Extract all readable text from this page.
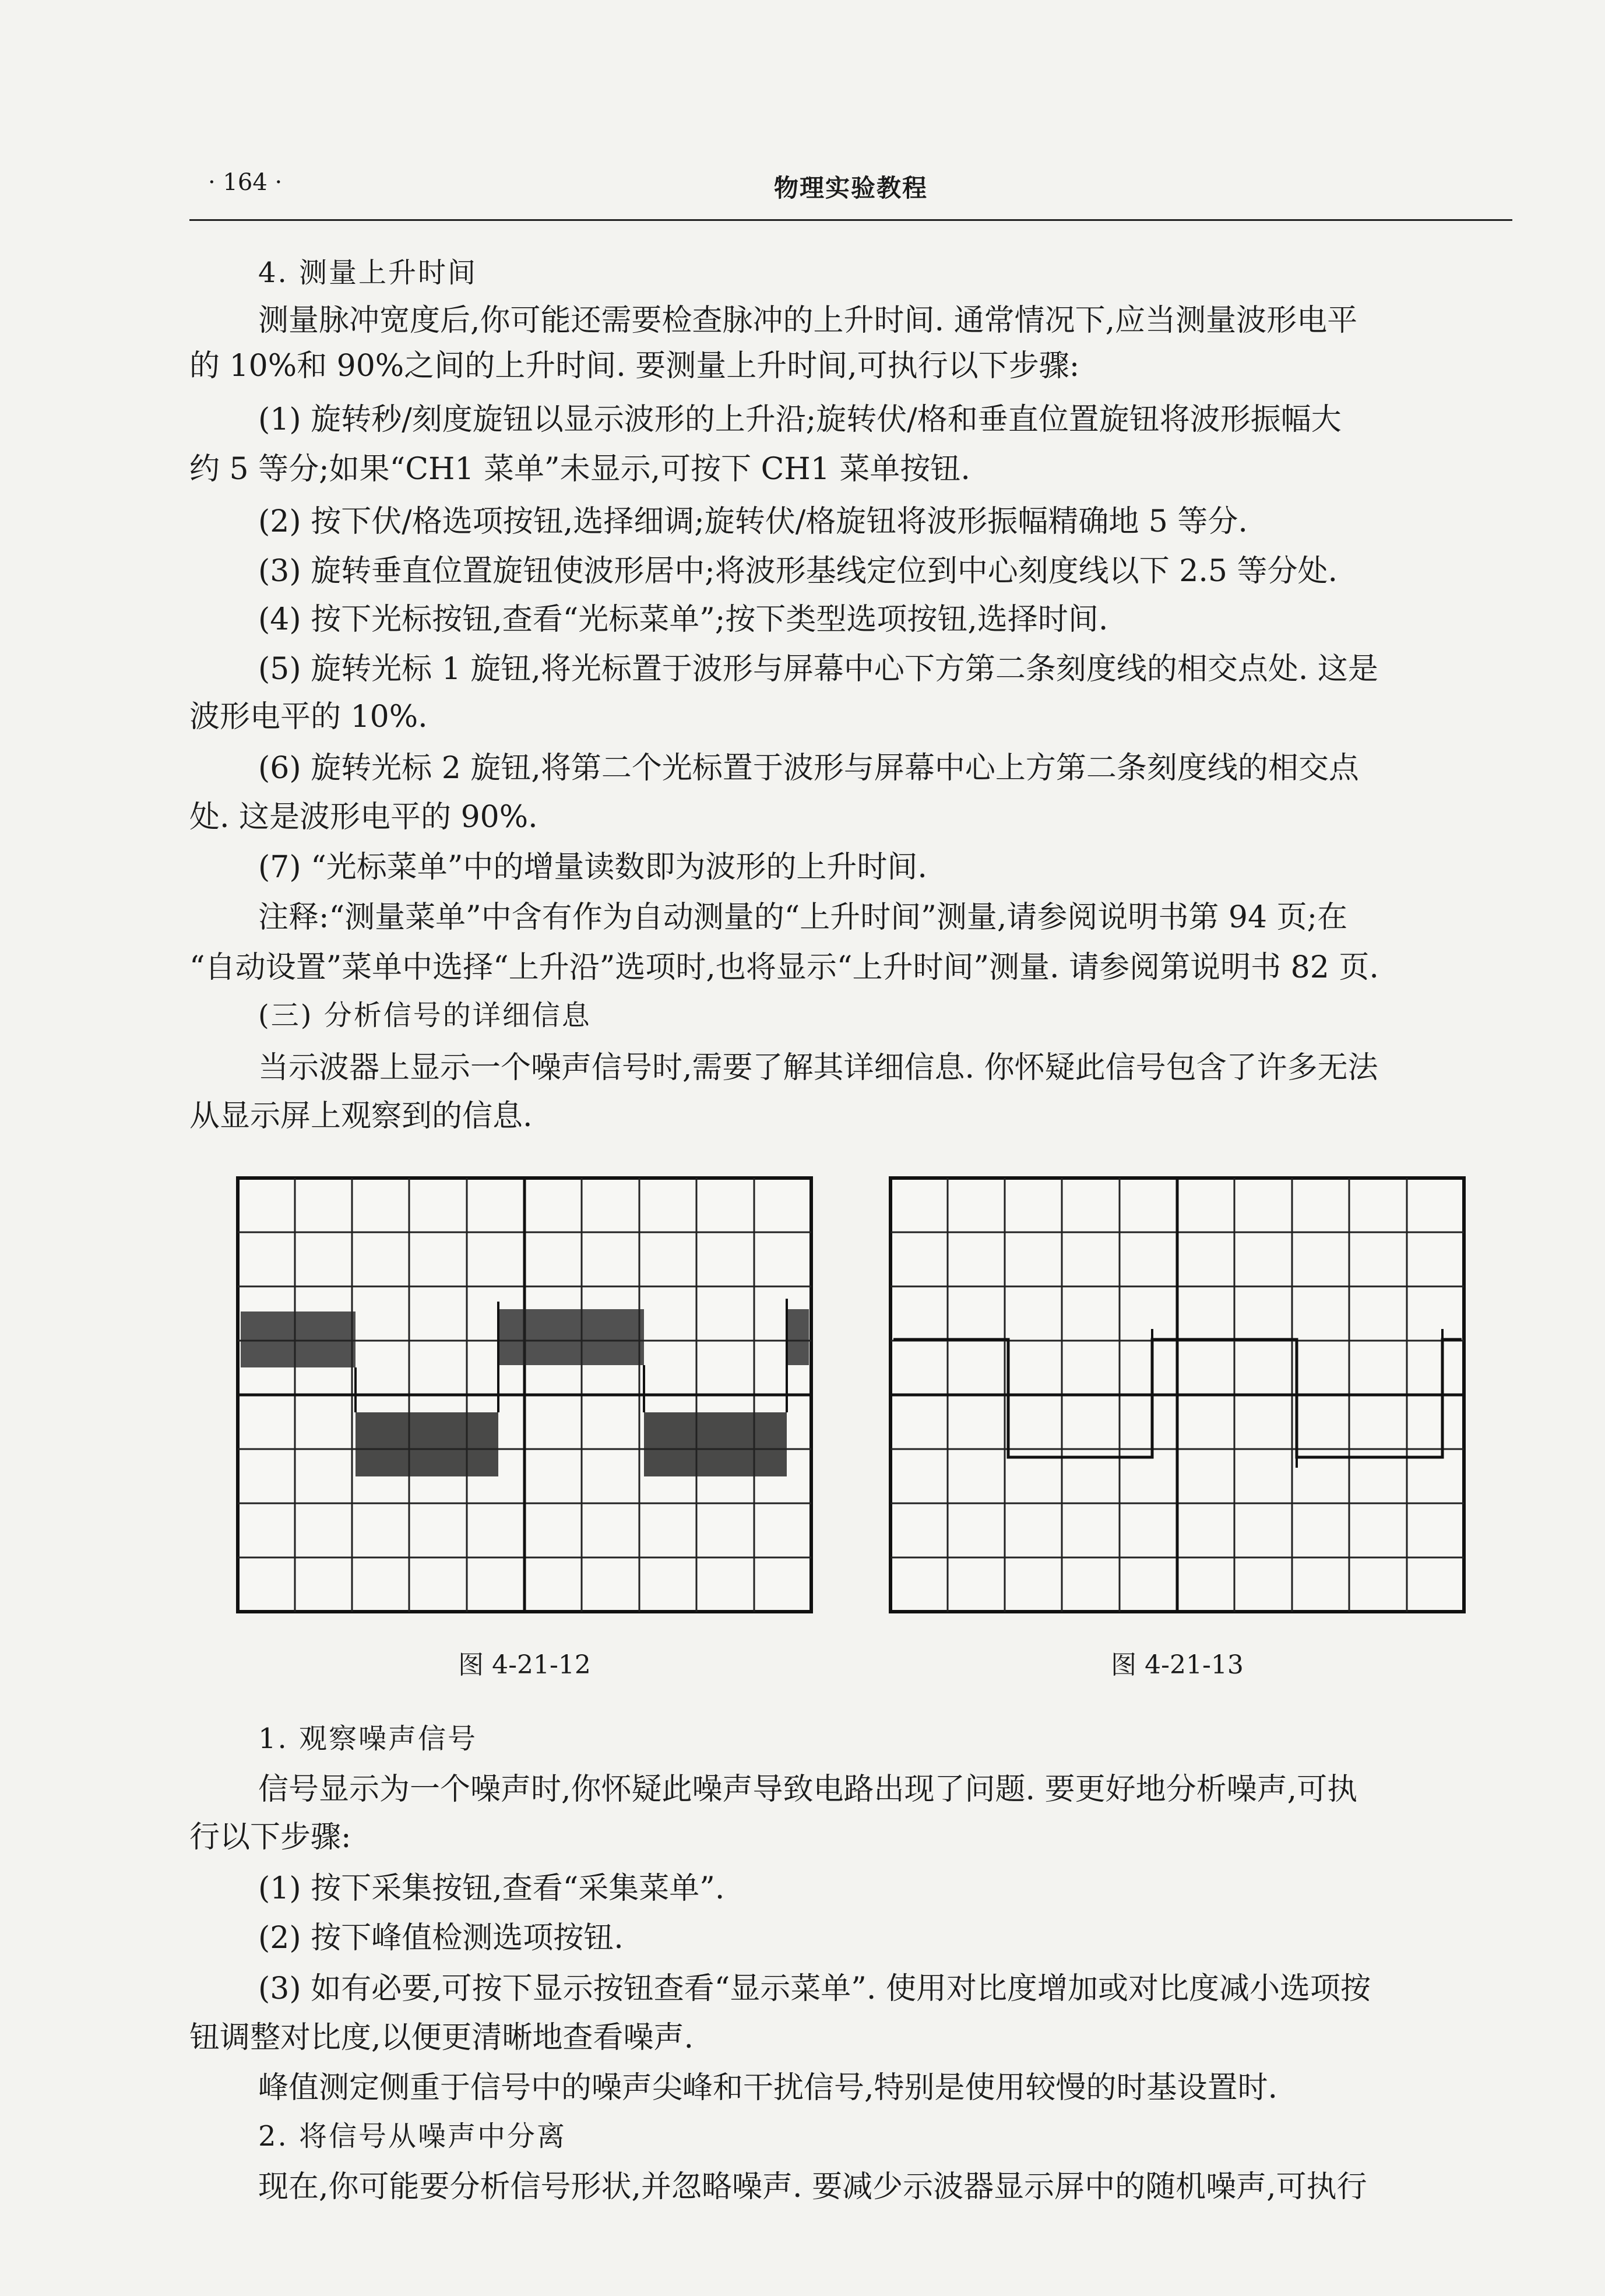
· 164 ·	物理实验教程
4. 测量上升时间
测量脉冲宽度后,你可能还需要检查脉冲的上升时间. 通常情况下,应当测量波形电平
的 10%和 90%之间的上升时间. 要测量上升时间,可执行以下步骤:
(1) 旋转秒/刻度旋钮以显示波形的上升沿;旋转伏/格和垂直位置旋钮将波形振幅大
约 5 等分;如果“CH1 菜单”未显示,可按下 CH1 菜单按钮.
(2) 按下伏/格选项按钮,选择细调;旋转伏/格旋钮将波形振幅精确地 5 等分.
(3) 旋转垂直位置旋钮使波形居中;将波形基线定位到中心刻度线以下 2.5 等分处.
(4) 按下光标按钮,查看“光标菜单”;按下类型选项按钮,选择时间.
(5) 旋转光标 1 旋钮,将光标置于波形与屏幕中心下方第二条刻度线的相交点处. 这是
波形电平的 10%.
(6) 旋转光标 2 旋钮,将第二个光标置于波形与屏幕中心上方第二条刻度线的相交点
处. 这是波形电平的 90%.
(7) “光标菜单”中的增量读数即为波形的上升时间.
注释:“测量菜单”中含有作为自动测量的“上升时间”测量,请参阅说明书第 94 页;在
“自动设置”菜单中选择“上升沿”选项时,也将显示“上升时间”测量. 请参阅第说明书 82 页.
(三) 分析信号的详细信息
当示波器上显示一个噪声信号时,需要了解其详细信息. 你怀疑此信号包含了许多无法
从显示屏上观察到的信息.
图 4-21-12	图 4-21-13
1. 观察噪声信号
信号显示为一个噪声时,你怀疑此噪声导致电路出现了问题. 要更好地分析噪声,可执
行以下步骤:
(1) 按下采集按钮,查看“采集菜单”.
(2) 按下峰值检测选项按钮.
(3) 如有必要,可按下显示按钮查看“显示菜单”. 使用对比度增加或对比度减小选项按
钮调整对比度,以便更清晰地查看噪声.
峰值测定侧重于信号中的噪声尖峰和干扰信号,特别是使用较慢的时基设置时.
2. 将信号从噪声中分离
现在,你可能要分析信号形状,并忽略噪声. 要减少示波器显示屏中的随机噪声,可执行
